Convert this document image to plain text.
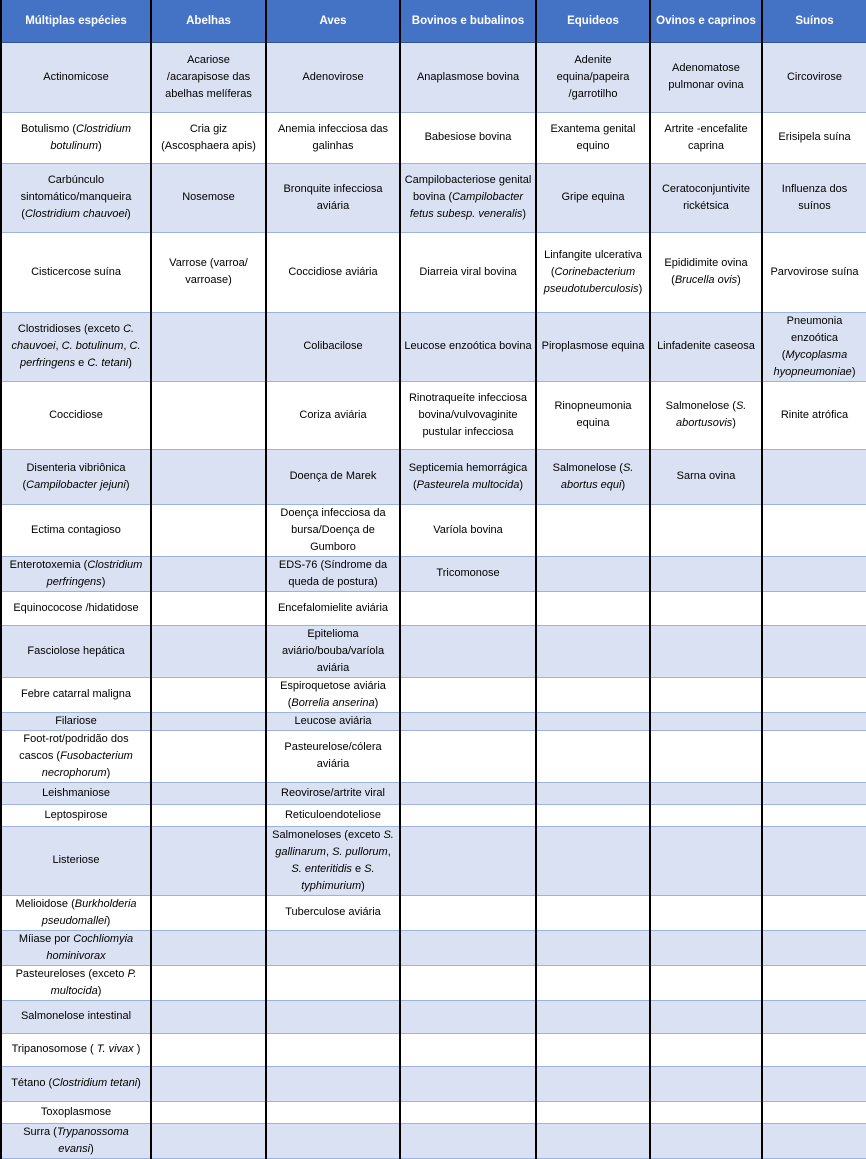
Múltiplas espécies	Abelhas	Aves	Bovinos e bubalinos	Equideos	Ovinos e caprinos	Suínos
Actinomicose	Acariose /acarapisose das abelhas melíferas	Adenovirose	Anaplasmose bovina	Adenite equina/papeira /garrotilho	Adenomatose pulmonar ovina	Circovirose
Botulismo (Clostridium botulinum)	Cria giz (Ascosphaera apis)	Anemia infecciosa das galinhas	Babesiose bovina	Exantema genital equino	Artrite -encefalite caprina	Erisipela suína
Carbúnculo sintomático/manqueira (Clostridium chauvoei)	Nosemose	Bronquite infecciosa aviária	Campilobacteriose genital bovina (Campilobacter fetus subesp. veneralis)	Gripe equina	Ceratoconjuntivite rickétsica	Influenza dos suínos
Cisticercose suína	Varrose (varroa/ varroase)	Coccidiose aviária	Diarreia viral bovina	Linfangite ulcerativa (Corinebacterium pseudotuberculosis)	Epididimite ovina (Brucella ovis)	Parvovirose suína
Clostridioses (exceto C. chauvoei, C. botulinum, C. perfringens e C. tetani)		Colibacilose	Leucose enzoótica bovina	Piroplasmose equina	Linfadenite caseosa	Pneumonia enzoótica (Mycoplasma hyopneumoniae)
Coccidiose		Coriza aviária	Rinotraqueíte infecciosa bovina/vulvovaginite pustular infecciosa	Rinopneumonia equina	Salmonelose (S. abortusovis)	Rinite atrófica
Disenteria vibriônica (Campilobacter jejuni)		Doença de Marek	Septicemia hemorrágica (Pasteurela multocida)	Salmonelose (S. abortus equi)	Sarna ovina	
Ectima contagioso		Doença infecciosa da bursa/Doença de Gumboro	Varíola bovina			
Enterotoxemia (Clostridium perfringens)		EDS-76 (Síndrome da queda de postura)	Tricomonose			
Equinococose /hidatidose		Encefalomielite aviária				
Fasciolose hepática		Epitelioma aviário/bouba/varíola aviária				
Febre catarral maligna		Espiroquetose aviária (Borrelia anserina)				
Filariose		Leucose aviária				
Foot-rot/podridão dos cascos (Fusobacterium necrophorum)		Pasteurelose/cólera aviária				
Leishmaniose		Reovirose/artrite viral				
Leptospirose		Reticuloendoteliose				
Listeriose		Salmoneloses (exceto S. gallinarum, S. pullorum, S. enteritidis e S. typhimurium)				
Melioidose (Burkholderia pseudomallei)		Tuberculose aviária				
Míiase por Cochliomyia hominivorax						
Pasteureloses (exceto P. multocida)						
Salmonelose intestinal						
Tripanosomose ( T. vivax )						
Tétano (Clostridium tetani)						
Toxoplasmose						
Surra (Trypanossoma evansi)						
